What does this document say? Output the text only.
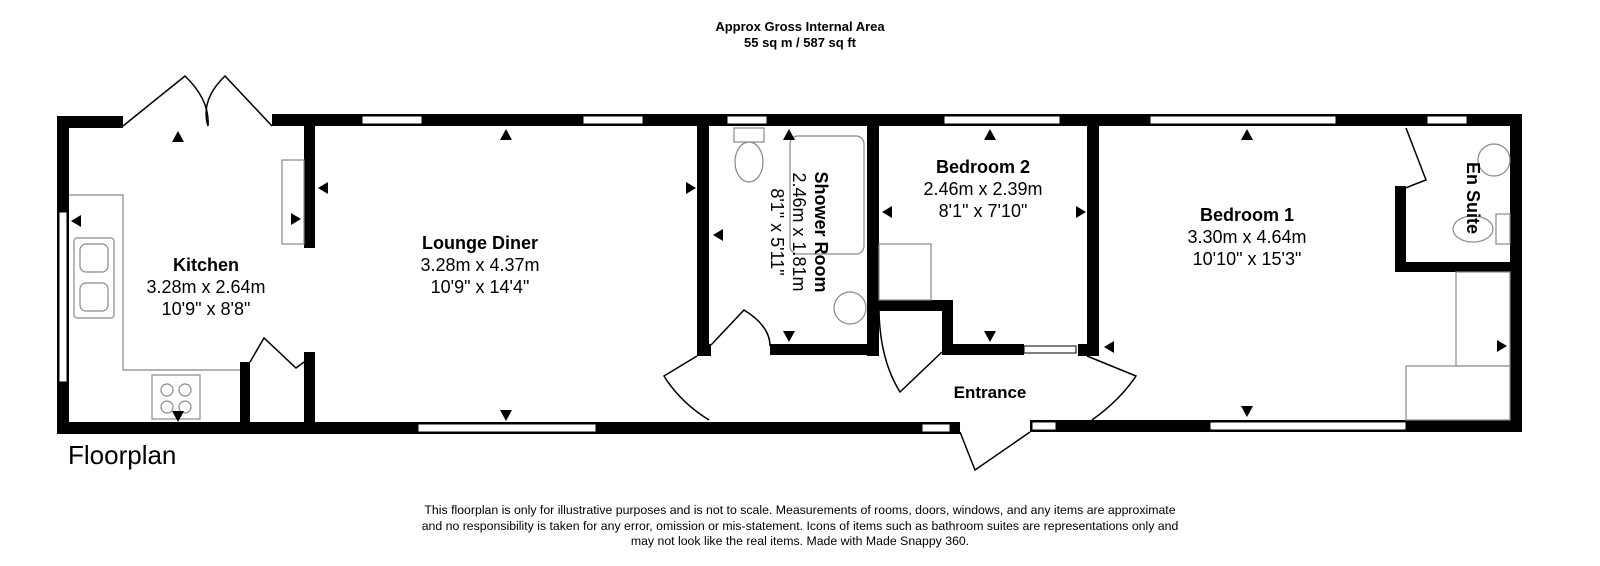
Shower Room
2.46m x 1.81m
8'1" x 5'11"	En Suite
Approx Gross Internal Area
55 sq m / 587 sq ft
Kitchen
3.28m x 2.64m
10'9" x 8'8"
Lounge Diner
3.28m x 4.37m
10'9" x 14'4"
Bedroom 2
2.46m x 2.39m
8'1" x 7'10"	Bedroom 1
3.30m x 4.64m
10'10" x 15'3"
Entrance
Floorplan
This floorplan is only for illustrative purposes and is not to scale. Measurements of rooms, doors, windows, and any items are approximate
and no responsibility is taken for any error, omission or mis-statement. Icons of items such as bathroom suites are representations only and
may not look like the real items. Made with Made Snappy 360.
